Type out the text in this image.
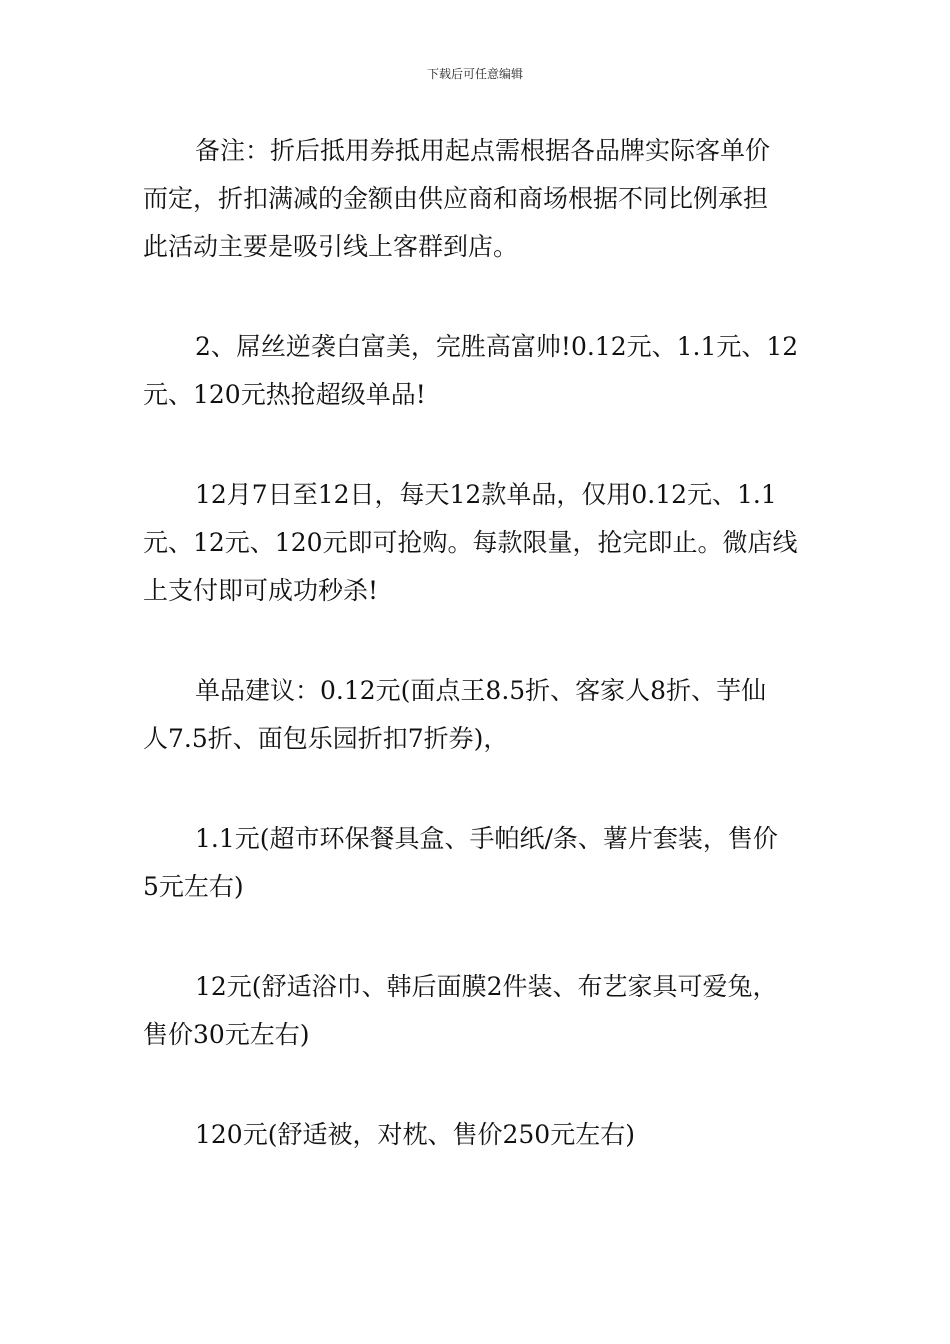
下载后可任意编辑
备注：折后抵用券抵用起点需根据各品牌实际客单价
而定，折扣满减的金额由供应商和商场根据不同比例承担
此活动主要是吸引线上客群到店。
2、屌丝逆袭白富美，完胜高富帅!0.12元、1.1元、12
元、120元热抢超级单品!
12月7日至12日，每天12款单品，仅用0.12元、1.1
元、12元、120元即可抢购。每款限量，抢完即止。微店线
上支付即可成功秒杀!
单品建议：0.12元(面点王8.5折、客家人8折、芋仙
人7.5折、面包乐园折扣7折券)，
1.1元(超市环保餐具盒、手帕纸/条、薯片套装，售价
5元左右)
12元(舒适浴巾、韩后面膜2件装、布艺家具可爱兔，
售价30元左右)
120元(舒适被，对枕、售价250元左右)
